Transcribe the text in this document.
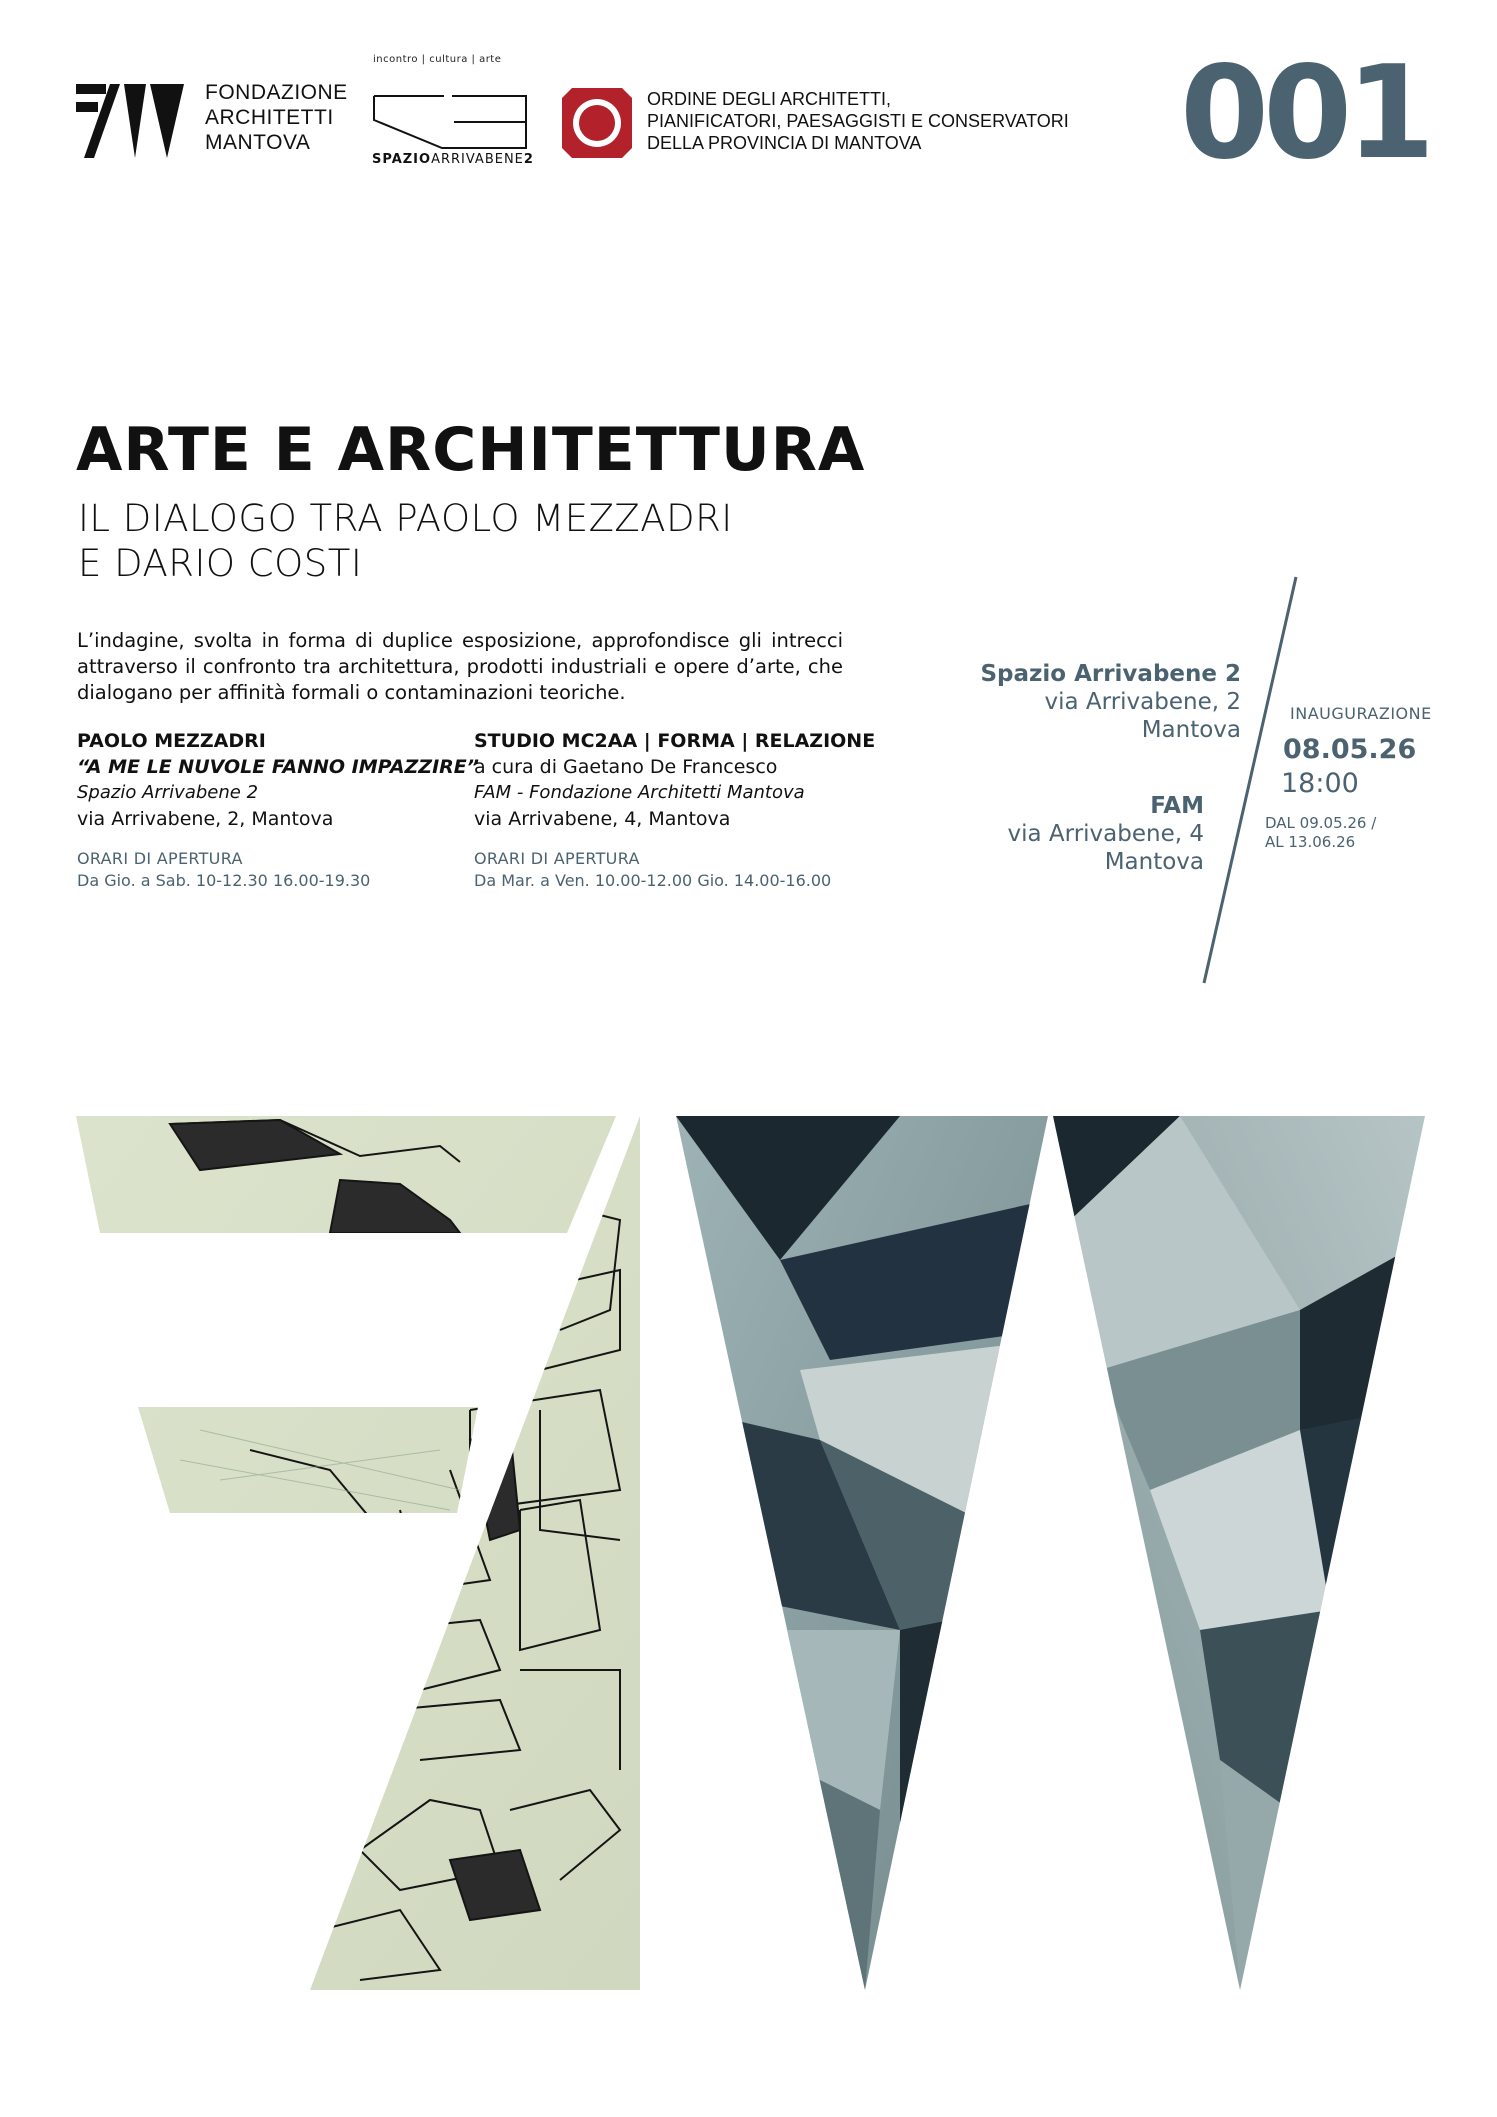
FONDAZIONE
ARCHITETTI
MANTOVA
incontro | cultura | arte
SPAZIOARRIVABENE2
ORDINE DEGLI ARCHITETTI,
PIANIFICATORI, PAESAGGISTI E CONSERVATORI
DELLA PROVINCIA DI MANTOVA	001
ARTE E ARCHITETTURA
IL DIALOGO TRA PAOLO MEZZADRI
E DARIO COSTI
L’indagine, svolta in forma di duplice esposizione, approfondisce gli intrecci attraverso il confronto tra architettura, prodotti industriali e opere d’arte, che dialogano per affinità formali o contaminazioni teoriche.
PAOLO MEZZADRI
“A ME LE NUVOLE FANNO IMPAZZIRE”
Spazio Arrivabene 2
via Arrivabene, 2, Mantova
ORARI DI APERTURA
Da Gio. a Sab. 10-12.30 16.00-19.30
STUDIO MC2AA | FORMA | RELAZIONE
a cura di Gaetano De Francesco
FAM - Fondazione Architetti Mantova
via Arrivabene, 4, Mantova
ORARI DI APERTURA
Da Mar. a Ven. 10.00-12.00 Gio. 14.00-16.00
Spazio Arrivabene 2
via Arrivabene, 2
Mantova
FAM
via Arrivabene, 4
Mantova
INAUGURAZIONE
08.05.26
18:00
DAL 09.05.26 /
AL 13.06.26
